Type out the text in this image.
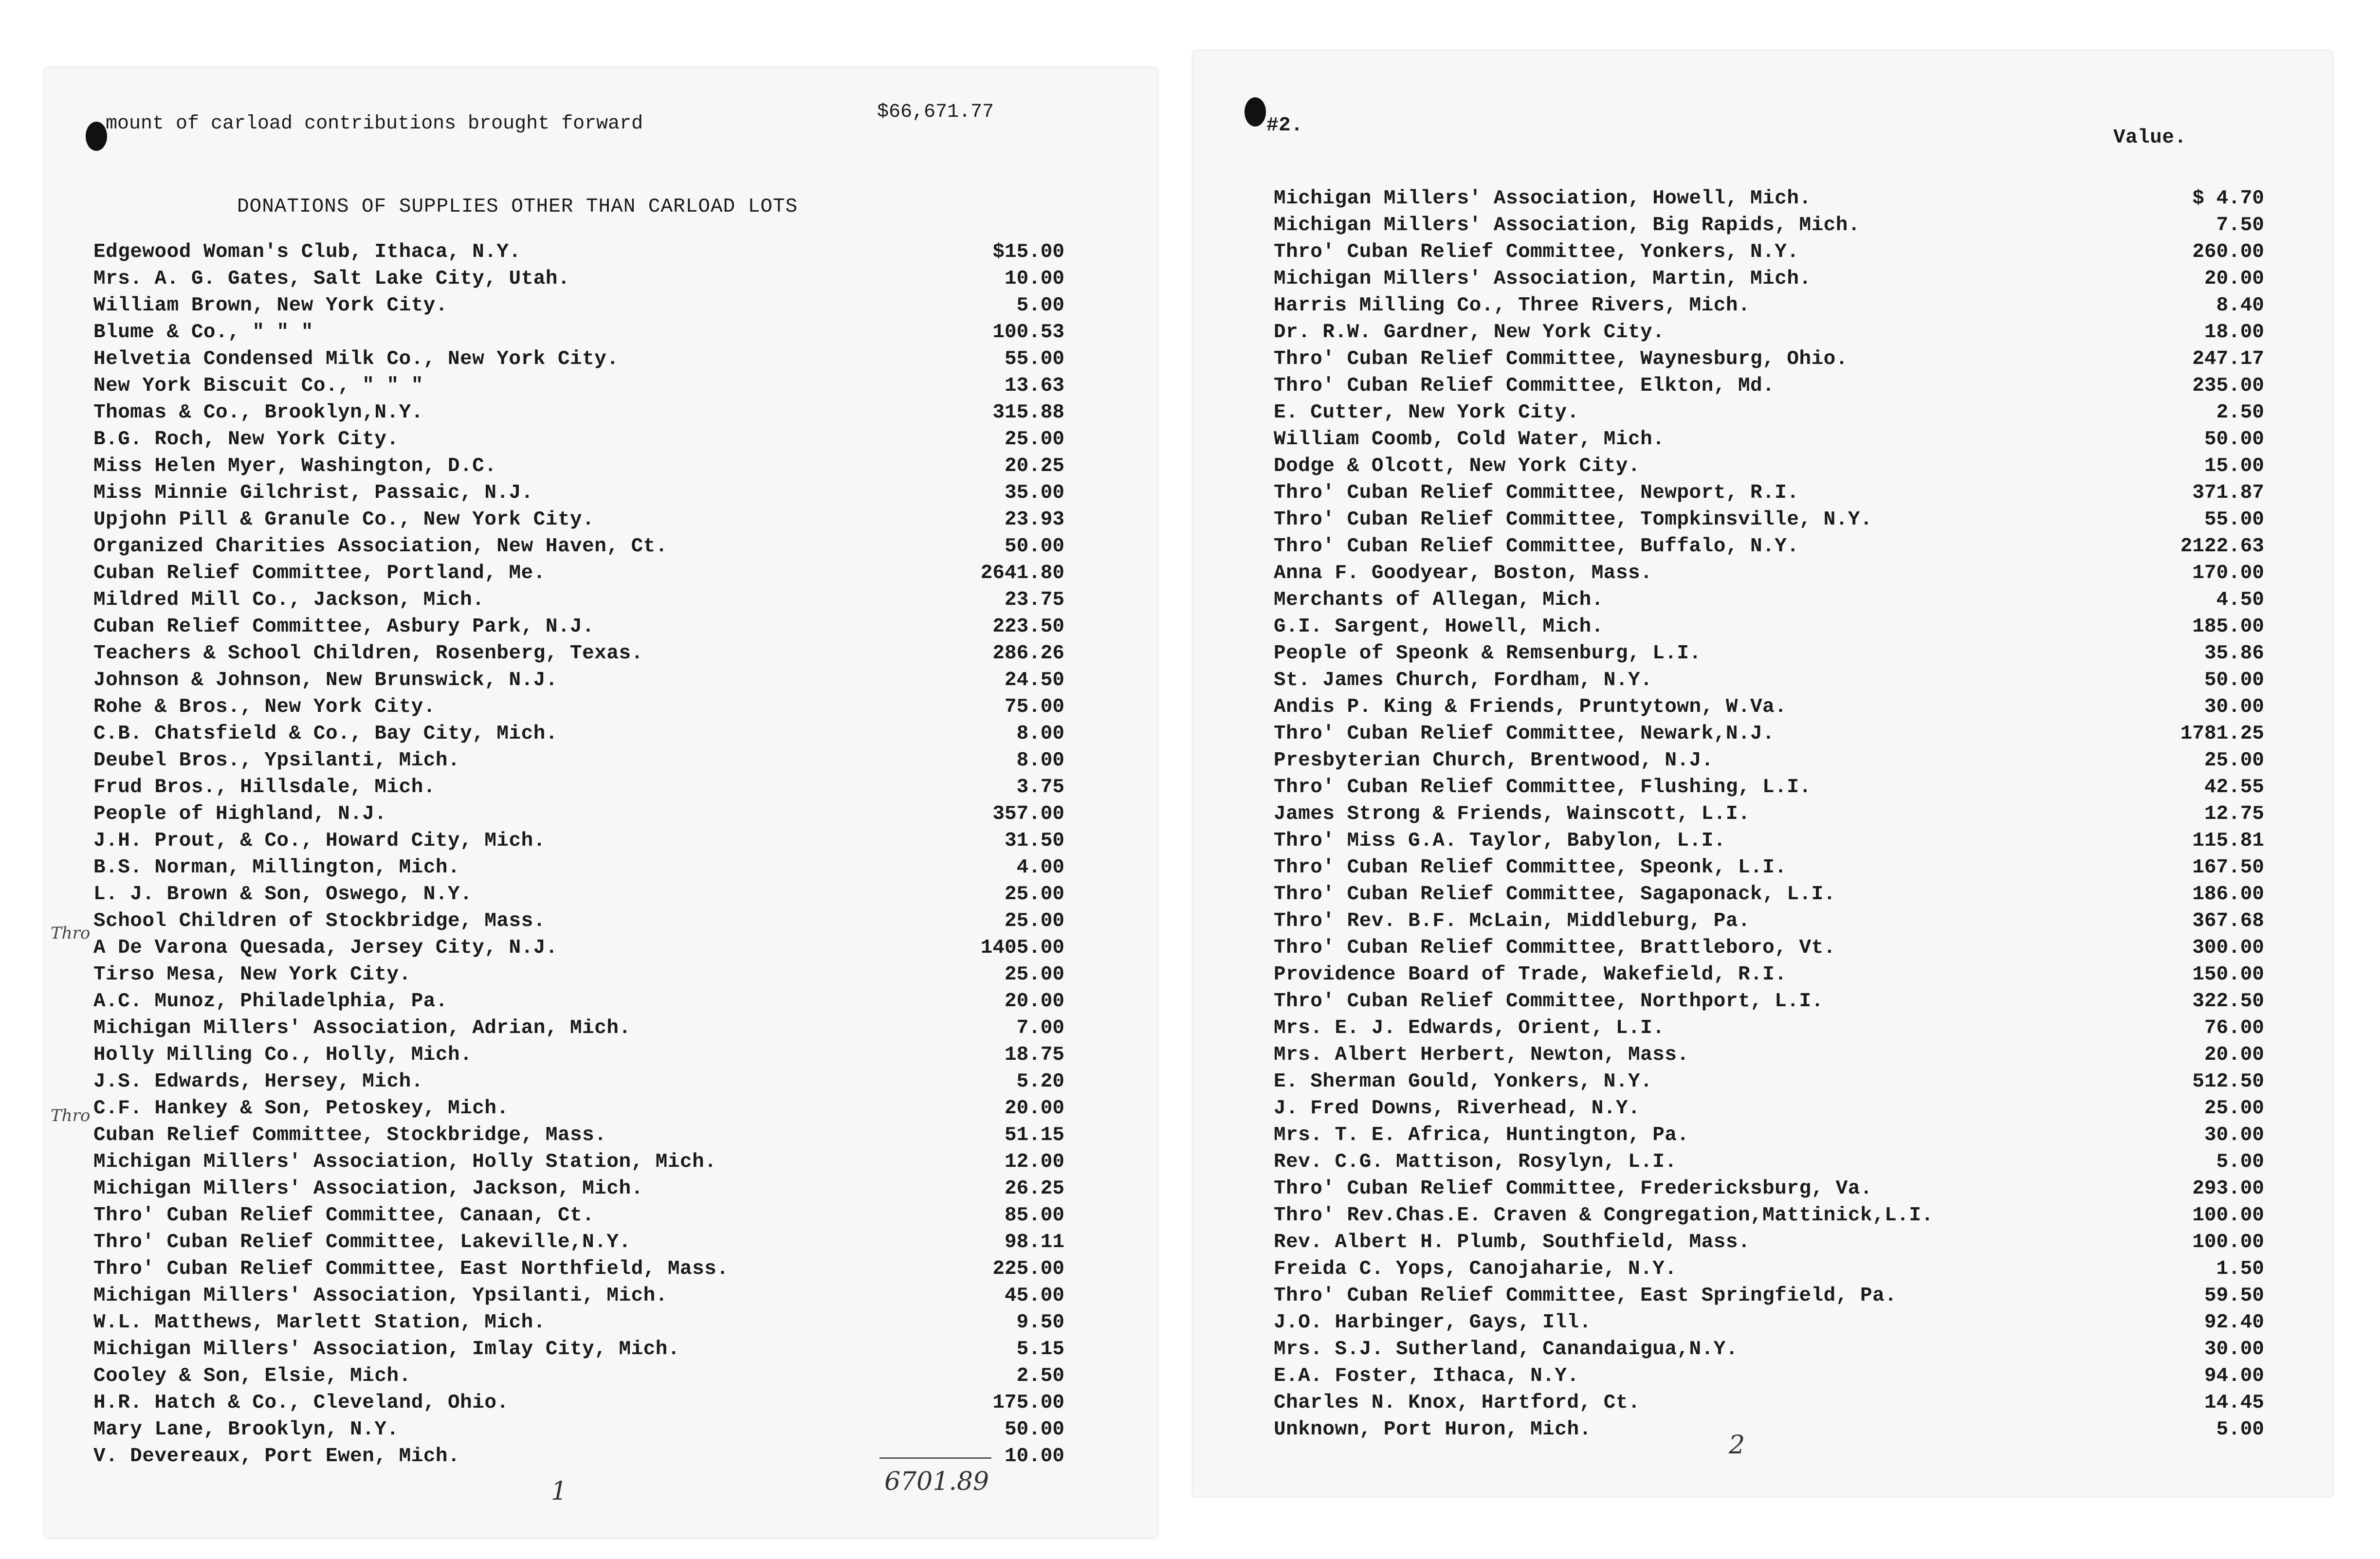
mount of carload contributions brought forward
$66,671.77
DONATIONS OF SUPPLIES OTHER THAN CARLOAD LOTS
Edgewood Woman's Club, Ithaca, N.Y.	$15.00
Mrs. A. G. Gates, Salt Lake City, Utah.	10.00
William Brown, New York City.	5.00
Blume & Co., " " "	100.53
Helvetia Condensed Milk Co., New York City.	55.00
New York Biscuit Co., " " "	13.63
Thomas & Co., Brooklyn,N.Y.	315.88
B.G. Roch, New York City.	25.00
Miss Helen Myer, Washington, D.C.	20.25
Miss Minnie Gilchrist, Passaic, N.J.	35.00
Upjohn Pill & Granule Co., New York City.	23.93
Organized Charities Association, New Haven, Ct.	50.00
Cuban Relief Committee, Portland, Me.	2641.80
Mildred Mill Co., Jackson, Mich.	23.75
Cuban Relief Committee, Asbury Park, N.J.	223.50
Teachers & School Children, Rosenberg, Texas.	286.26
Johnson & Johnson, New Brunswick, N.J.	24.50
Rohe & Bros., New York City.	75.00
C.B. Chatsfield & Co., Bay City, Mich.	8.00
Deubel Bros., Ypsilanti, Mich.	8.00
Frud Bros., Hillsdale, Mich.	3.75
People of Highland, N.J.	357.00
J.H. Prout, & Co., Howard City, Mich.	31.50
B.S. Norman, Millington, Mich.	4.00
L. J. Brown & Son, Oswego, N.Y.	25.00
School Children of Stockbridge, Mass.	25.00
A De Varona Quesada, Jersey City, N.J.	1405.00
Tirso Mesa, New York City.	25.00
A.C. Munoz, Philadelphia, Pa.	20.00
Michigan Millers' Association, Adrian, Mich.	7.00
Holly Milling Co., Holly, Mich.	18.75
J.S. Edwards, Hersey, Mich.	5.20
C.F. Hankey & Son, Petoskey, Mich.	20.00
Cuban Relief Committee, Stockbridge, Mass.	51.15
Michigan Millers' Association, Holly Station, Mich.	12.00
Michigan Millers' Association, Jackson, Mich.	26.25
Thro' Cuban Relief Committee, Canaan, Ct.	85.00
Thro' Cuban Relief Committee, Lakeville,N.Y.	98.11
Thro' Cuban Relief Committee, East Northfield, Mass.	225.00
Michigan Millers' Association, Ypsilanti, Mich.	45.00
W.L. Matthews, Marlett Station, Mich.	9.50
Michigan Millers' Association, Imlay City, Mich.	5.15
Cooley & Son, Elsie, Mich.	2.50
H.R. Hatch & Co., Cleveland, Ohio.	175.00
Mary Lane, Brooklyn, N.Y.	50.00
V. Devereaux, Port Ewen, Mich.	10.00
Thro
Thro
6701.89
1
#2.
Value.
Michigan Millers' Association, Howell, Mich.	$ 4.70
Michigan Millers' Association, Big Rapids, Mich.	7.50
Thro' Cuban Relief Committee, Yonkers, N.Y.	260.00
Michigan Millers' Association, Martin, Mich.	20.00
Harris Milling Co., Three Rivers, Mich.	8.40
Dr. R.W. Gardner, New York City.	18.00
Thro' Cuban Relief Committee, Waynesburg, Ohio.	247.17
Thro' Cuban Relief Committee, Elkton, Md.	235.00
E. Cutter, New York City.	2.50
William Coomb, Cold Water, Mich.	50.00
Dodge & Olcott, New York City.	15.00
Thro' Cuban Relief Committee, Newport, R.I.	371.87
Thro' Cuban Relief Committee, Tompkinsville, N.Y.	55.00
Thro' Cuban Relief Committee, Buffalo, N.Y.	2122.63
Anna F. Goodyear, Boston, Mass.	170.00
Merchants of Allegan, Mich.	4.50
G.I. Sargent, Howell, Mich.	185.00
People of Speonk & Remsenburg, L.I.	35.86
St. James Church, Fordham, N.Y.	50.00
Andis P. King & Friends, Pruntytown, W.Va.	30.00
Thro' Cuban Relief Committee, Newark,N.J.	1781.25
Presbyterian Church, Brentwood, N.J.	25.00
Thro' Cuban Relief Committee, Flushing, L.I.	42.55
James Strong & Friends, Wainscott, L.I.	12.75
Thro' Miss G.A. Taylor, Babylon, L.I.	115.81
Thro' Cuban Relief Committee, Speonk, L.I.	167.50
Thro' Cuban Relief Committee, Sagaponack, L.I.	186.00
Thro' Rev. B.F. McLain, Middleburg, Pa.	367.68
Thro' Cuban Relief Committee, Brattleboro, Vt.	300.00
Providence Board of Trade, Wakefield, R.I.	150.00
Thro' Cuban Relief Committee, Northport, L.I.	322.50
Mrs. E. J. Edwards, Orient, L.I.	76.00
Mrs. Albert Herbert, Newton, Mass.	20.00
E. Sherman Gould, Yonkers, N.Y.	512.50
J. Fred Downs, Riverhead, N.Y.	25.00
Mrs. T. E. Africa, Huntington, Pa.	30.00
Rev. C.G. Mattison, Rosylyn, L.I.	5.00
Thro' Cuban Relief Committee, Fredericksburg, Va.	293.00
Thro' Rev.Chas.E. Craven & Congregation,Mattinick,L.I.	100.00
Rev. Albert H. Plumb, Southfield, Mass.	100.00
Freida C. Yops, Canojaharie, N.Y.	1.50
Thro' Cuban Relief Committee, East Springfield, Pa.	59.50
J.O. Harbinger, Gays, Ill.	92.40
Mrs. S.J. Sutherland, Canandaigua,N.Y.	30.00
E.A. Foster, Ithaca, N.Y.	94.00
Charles N. Knox, Hartford, Ct.	14.45
Unknown, Port Huron, Mich.	5.00
2
